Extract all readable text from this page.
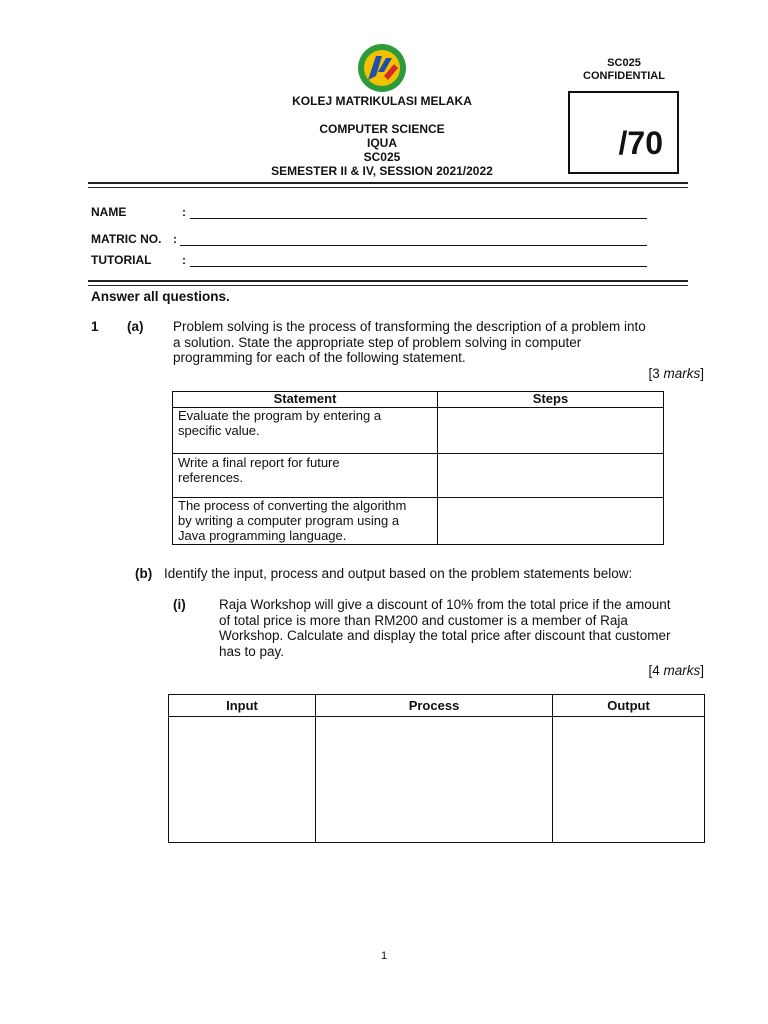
SC025
CONFIDENTIAL
KOLEJ MATRIKULASI MELAKA
COMPUTER SCIENCE
IQUA
SC025
SEMESTER II & IV, SESSION 2021/2022
/70
NAME	:
MATRIC NO. :
TUTORIAL	:
Answer all questions.
1 (a) Problem solving is the process of transforming the description of a problem into
a solution. State the appropriate step of problem solving in computer
programming for each of the following statement.
[3 marks]
Statement	Steps

Evaluate the program by entering a
specific value.	

Write a final report for future
references.	

The process of converting the algorithm
by writing a computer program using a
Java programming language.	

(b) Identify the input, process and output based on the problem statements below:
(i) Raja Workshop will give a discount of 10% from the total price if the amount
of total price is more than RM200 and customer is a member of Raja
Workshop. Calculate and display the total price after discount that customer
has to pay.
[4 marks]
Input	Process	Output

1
